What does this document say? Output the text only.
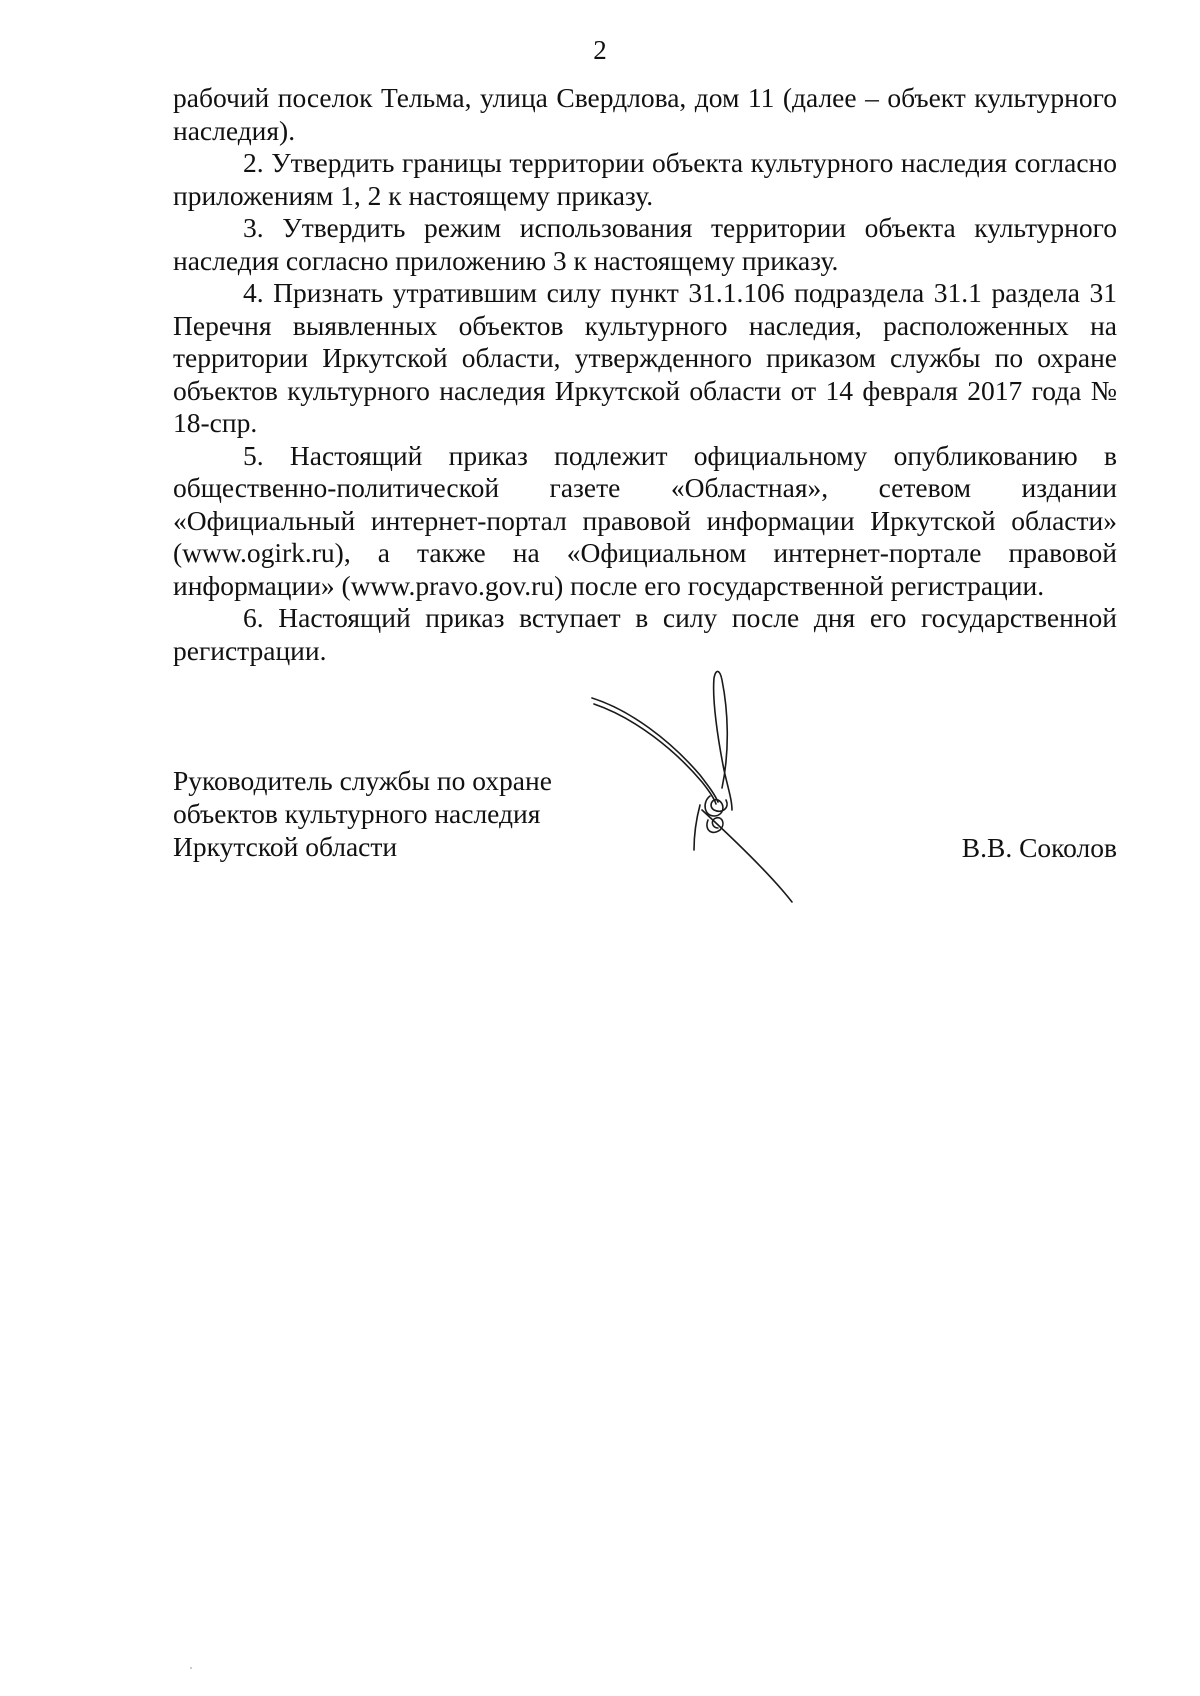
2

рабочий поселок Тельма, улица Свердлова, дом 11 (далее – объект культурного наследия).

2. Утвердить границы территории объекта культурного наследия согласно приложениям 1, 2 к настоящему приказу.

3. Утвердить режим использования территории объекта культурного наследия согласно приложению 3 к настоящему приказу.

4. Признать утратившим силу пункт 31.1.106 подраздела 31.1 раздела 31 Перечня выявленных объектов культурного наследия, расположенных на территории Иркутской области, утвержденного приказом службы по охране объектов культурного наследия Иркутской области от 14 февраля 2017 года № 18-спр.

5. Настоящий приказ подлежит официальному опубликованию в общественно-политической газете «Областная», сетевом издании «Официальный интернет-портал правовой информации Иркутской области» (www.ogirk.ru), а также на «Официальном интернет-портале правовой информации» (www.pravo.gov.ru) после его государственной регистрации.

6. Настоящий приказ вступает в силу после дня его государственной регистрации.

Руководитель службы по охране
объектов культурного наследия
Иркутской области	В.В. Соколов
